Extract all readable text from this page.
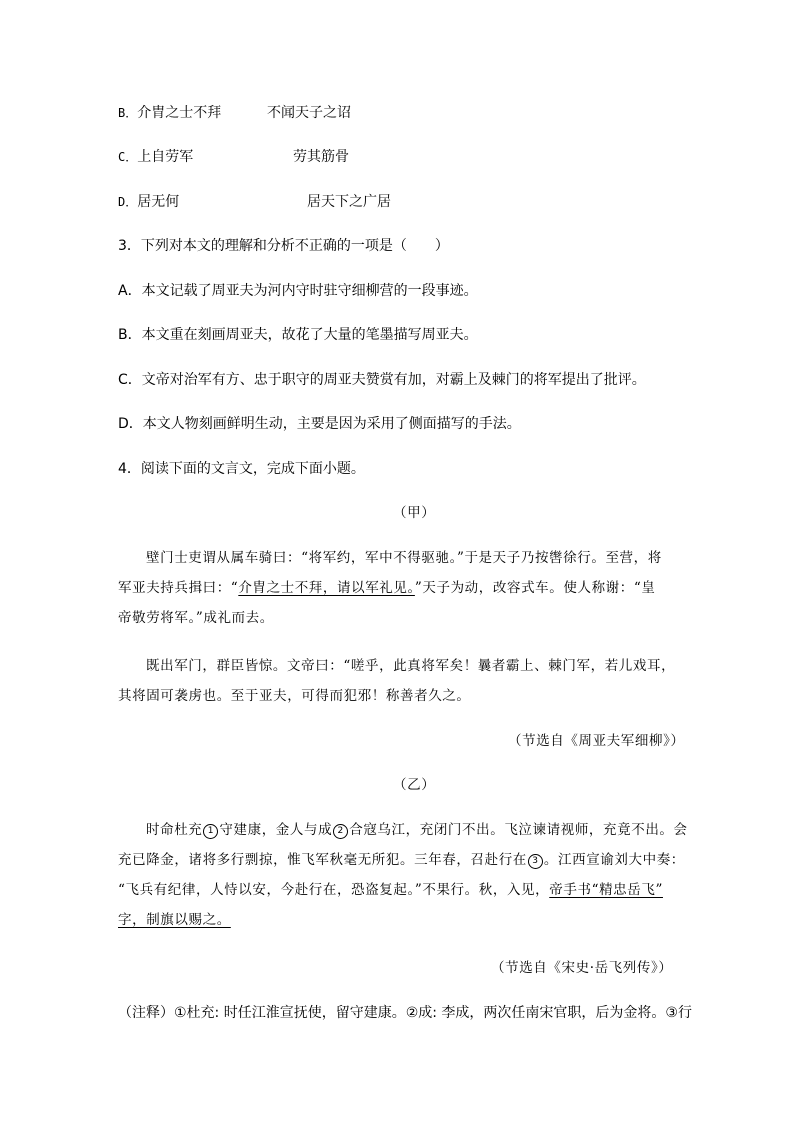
B．介胄之士不拜	不闻天子之诏
C．上自劳军	劳其筋骨
D．居无何	居天下之广居
3．下列对本文的理解和分析不正确的一项是（　　）
A．本文记载了周亚夫为河内守时驻守细柳营的一段事迹。
B．本文重在刻画周亚夫，故花了大量的笔墨描写周亚夫。
C．文帝对治军有方、忠于职守的周亚夫赞赏有加，对霸上及棘门的将军提出了批评。
D．本文人物刻画鲜明生动，主要是因为采用了侧面描写的手法。
4．阅读下面的文言文，完成下面小题。
（甲）
壁门士吏谓从属车骑曰：“将军约，军中不得驱驰。”于是天子乃按辔徐行。至营，将
军亚夫持兵揖曰：“介胄之士不拜，请以军礼见。”天子为动，改容式车。使人称谢：“皇
帝敬劳将军。”成礼而去。
既出军门，群臣皆惊。文帝曰：“嗟乎，此真将军矣！曩者霸上、棘门军，若儿戏耳，
其将固可袭虏也。至于亚夫，可得而犯邪！称善者久之。
（节选自《周亚夫军细柳》）
（乙）
时命杜充 1 守建康，金人与成 2 合寇乌江，充闭门不出。飞泣谏请视师，充竟不出。会
充已降金，诸将多行剽掠，惟飞军秋毫无所犯。三年春，召赴行在 3 。江西宣谕刘大中奏：
“飞兵有纪律，人恃以安，今赴行在，恐盗复起。”不果行。秋，入见，帝手书“精忠岳飞”
字，制旗以赐之。
（节选自《宋史·岳飞列传》）
（注释）①杜充: 时任江淮宣抚使，留守建康。②成: 李成，两次任南宋官职，后为金将。③行
